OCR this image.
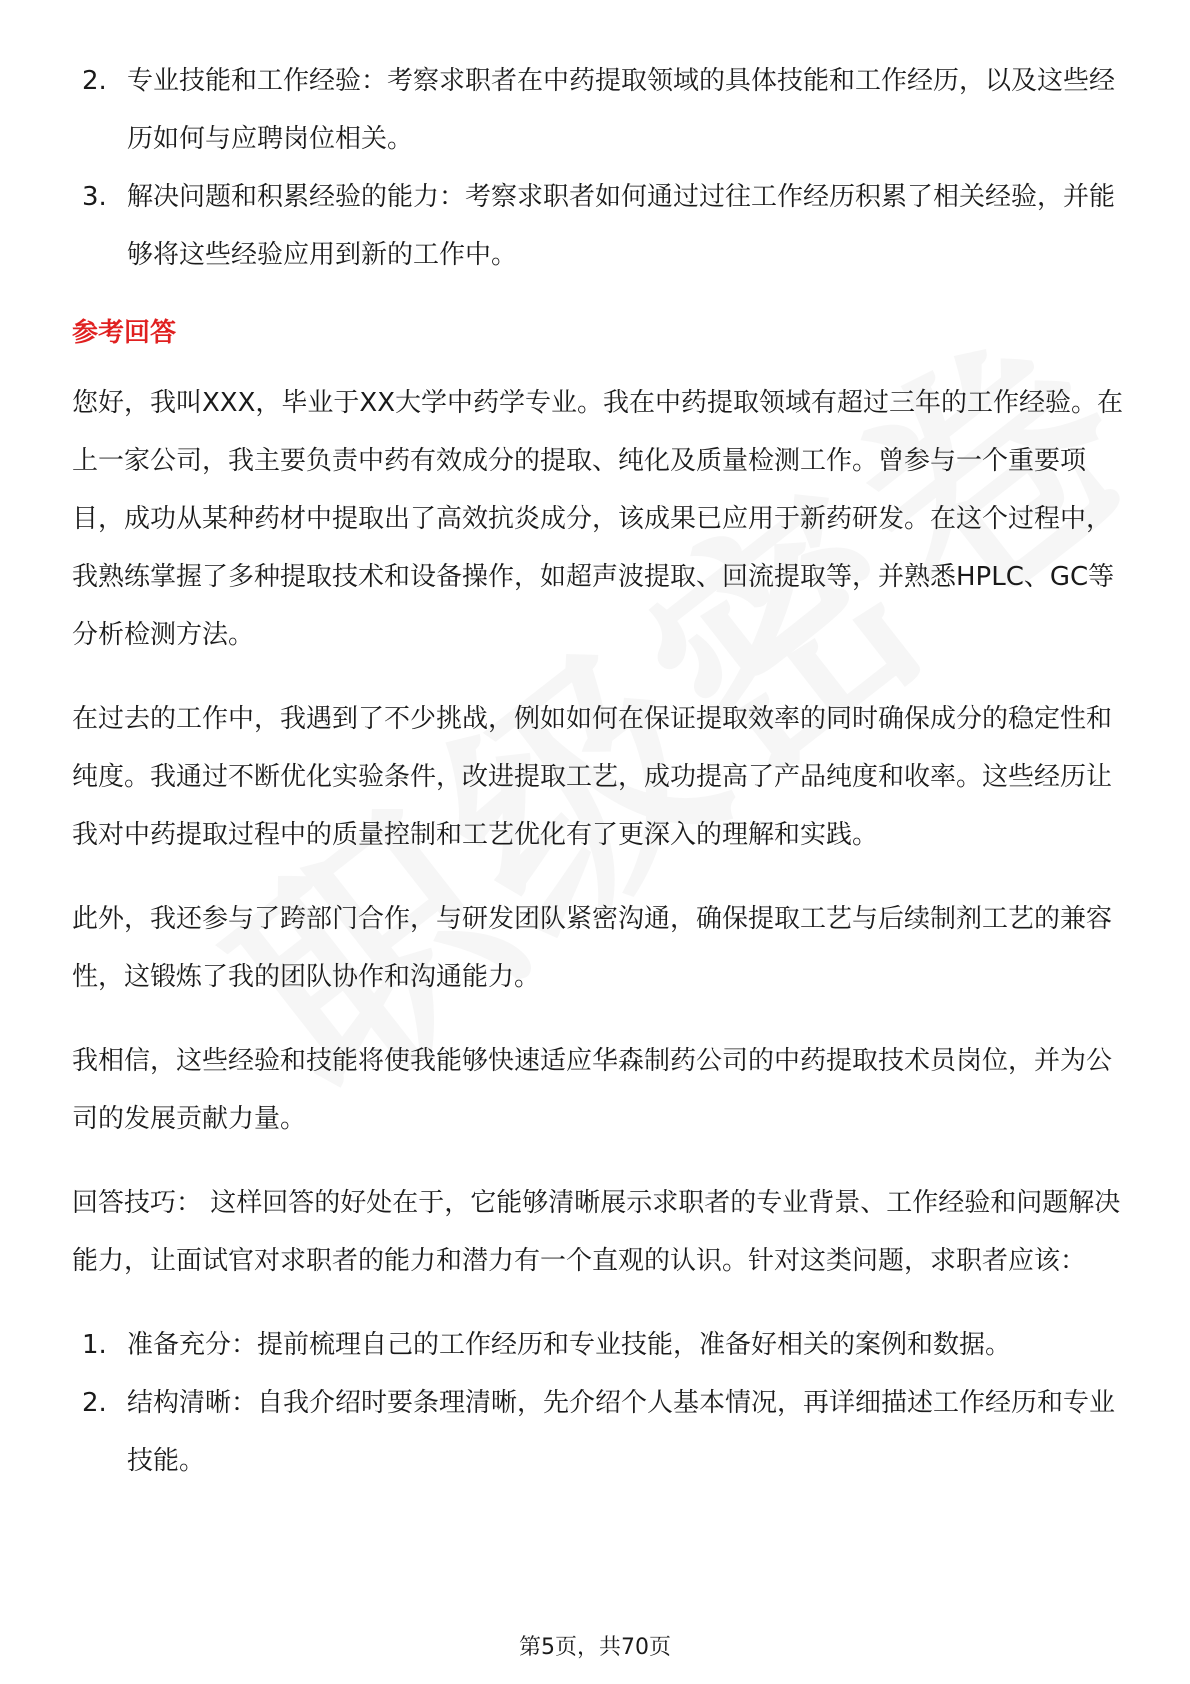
2. 专业技能和工作经验：考察求职者在中药提取领域的具体技能和工作经历，以及这些经历如何与应聘岗位相关。
3. 解决问题和积累经验的能力：考察求职者如何通过过往工作经历积累了相关经验，并能够将这些经验应用到新的工作中。
参考回答

您好，我叫XXX，毕业于XX大学中药学专业。我在中药提取领域有超过三年的工作经验。在上一家公司，我主要负责中药有效成分的提取、纯化及质量检测工作。曾参与一个重要项目，成功从某种药材中提取出了高效抗炎成分，该成果已应用于新药研发。在这个过程中，我熟练掌握了多种提取技术和设备操作，如超声波提取、回流提取等，并熟悉HPLC、GC等分析检测方法。

在过去的工作中，我遇到了不少挑战，例如如何在保证提取效率的同时确保成分的稳定性和纯度。我通过不断优化实验条件，改进提取工艺，成功提高了产品纯度和收率。这些经历让我对中药提取过程中的质量控制和工艺优化有了更深入的理解和实践。

此外，我还参与了跨部门合作，与研发团队紧密沟通，确保提取工艺与后续制剂工艺的兼容性，这锻炼了我的团队协作和沟通能力。

我相信，这些经验和技能将使我能够快速适应华森制药公司的中药提取技术员岗位，并为公司的发展贡献力量。

回答技巧： 这样回答的好处在于，它能够清晰展示求职者的专业背景、工作经验和问题解决能力，让面试官对求职者的能力和潜力有一个直观的认识。针对这类问题，求职者应该：

1. 准备充分：提前梳理自己的工作经历和专业技能，准备好相关的案例和数据。
2. 结构清晰：自我介绍时要条理清晰，先介绍个人基本情况，再详细描述工作经历和专业技能。
第5页，共70页
